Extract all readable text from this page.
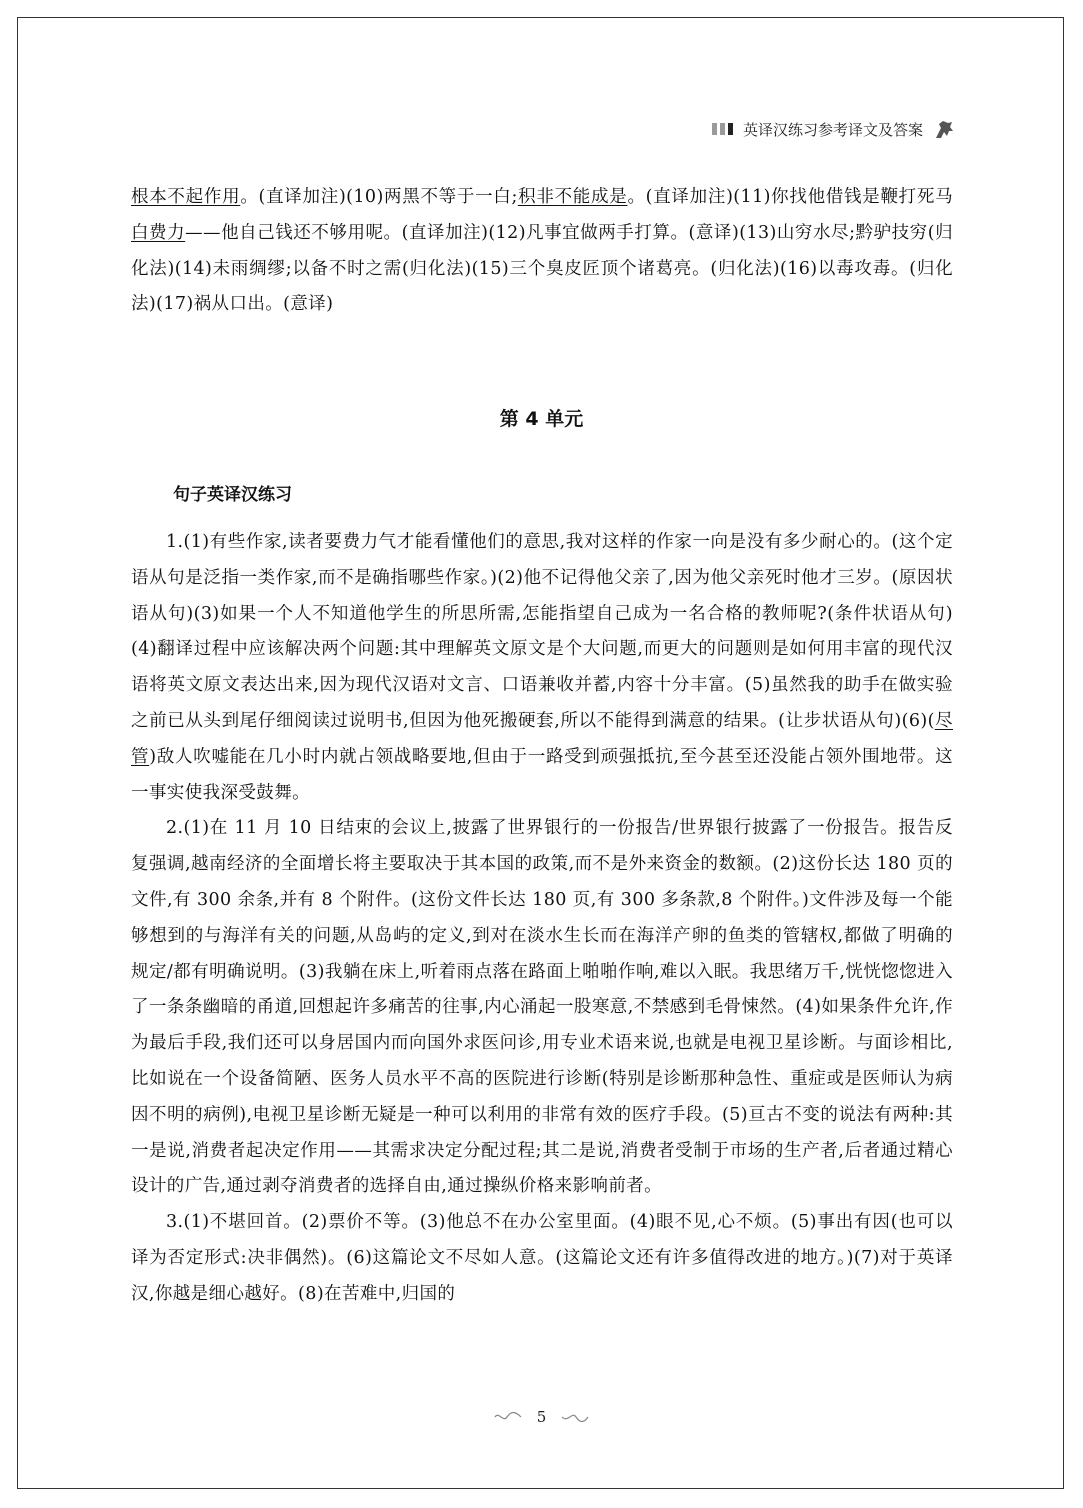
英译汉练习参考译文及答案

根本不起作用。(直译加注)(10)两黑不等于一白;积非不能成是。(直译加注)(11)你找他借钱是鞭打死马白费力——他自己钱还不够用呢。(直译加注)(12)凡事宜做两手打算。(意译)(13)山穷水尽;黔驴技穷(归化法)(14)未雨绸缪;以备不时之需(归化法)(15)三个臭皮匠顶个诸葛亮。(归化法)(16)以毒攻毒。(归化法)(17)祸从口出。(意译)

第 4 单元
句子英译汉练习

1.(1)有些作家,读者要费力气才能看懂他们的意思,我对这样的作家一向是没有多少耐心的。(这个定语从句是泛指一类作家,而不是确指哪些作家。)(2)他不记得他父亲了,因为他父亲死时他才三岁。(原因状语从句)(3)如果一个人不知道他学生的所思所需,怎能指望自己成为一名合格的教师呢?(条件状语从句)(4)翻译过程中应该解决两个问题:其中理解英文原文是个大问题,而更大的问题则是如何用丰富的现代汉语将英文原文表达出来,因为现代汉语对文言、口语兼收并蓄,内容十分丰富。(5)虽然我的助手在做实验之前已从头到尾仔细阅读过说明书,但因为他死搬硬套,所以不能得到满意的结果。(让步状语从句)(6)(尽管)敌人吹嘘能在几小时内就占领战略要地,但由于一路受到顽强抵抗,至今甚至还没能占领外围地带。这一事实使我深受鼓舞。

2.(1)在 11 月 10 日结束的会议上,披露了世界银行的一份报告/世界银行披露了一份报告。报告反复强调,越南经济的全面增长将主要取决于其本国的政策,而不是外来资金的数额。(2)这份长达 180 页的文件,有 300 余条,并有 8 个附件。(这份文件长达 180 页,有 300 多条款,8 个附件。)文件涉及每一个能够想到的与海洋有关的问题,从岛屿的定义,到对在淡水生长而在海洋产卵的鱼类的管辖权,都做了明确的规定/都有明确说明。(3)我躺在床上,听着雨点落在路面上啪啪作响,难以入眠。我思绪万千,恍恍惚惚进入了一条条幽暗的甬道,回想起许多痛苦的往事,内心涌起一股寒意,不禁感到毛骨悚然。(4)如果条件允许,作为最后手段,我们还可以身居国内而向国外求医问诊,用专业术语来说,也就是电视卫星诊断。与面诊相比,比如说在一个设备简陋、医务人员水平不高的医院进行诊断(特别是诊断那种急性、重症或是医师认为病因不明的病例),电视卫星诊断无疑是一种可以利用的非常有效的医疗手段。(5)亘古不变的说法有两种:其一是说,消费者起决定作用——其需求决定分配过程;其二是说,消费者受制于市场的生产者,后者通过精心设计的广告,通过剥夺消费者的选择自由,通过操纵价格来影响前者。

3.(1)不堪回首。(2)票价不等。(3)他总不在办公室里面。(4)眼不见,心不烦。(5)事出有因(也可以译为否定形式:决非偶然)。(6)这篇论文不尽如人意。(这篇论文还有许多值得改进的地方。)(7)对于英译汉,你越是细心越好。(8)在苦难中,归国的

5
